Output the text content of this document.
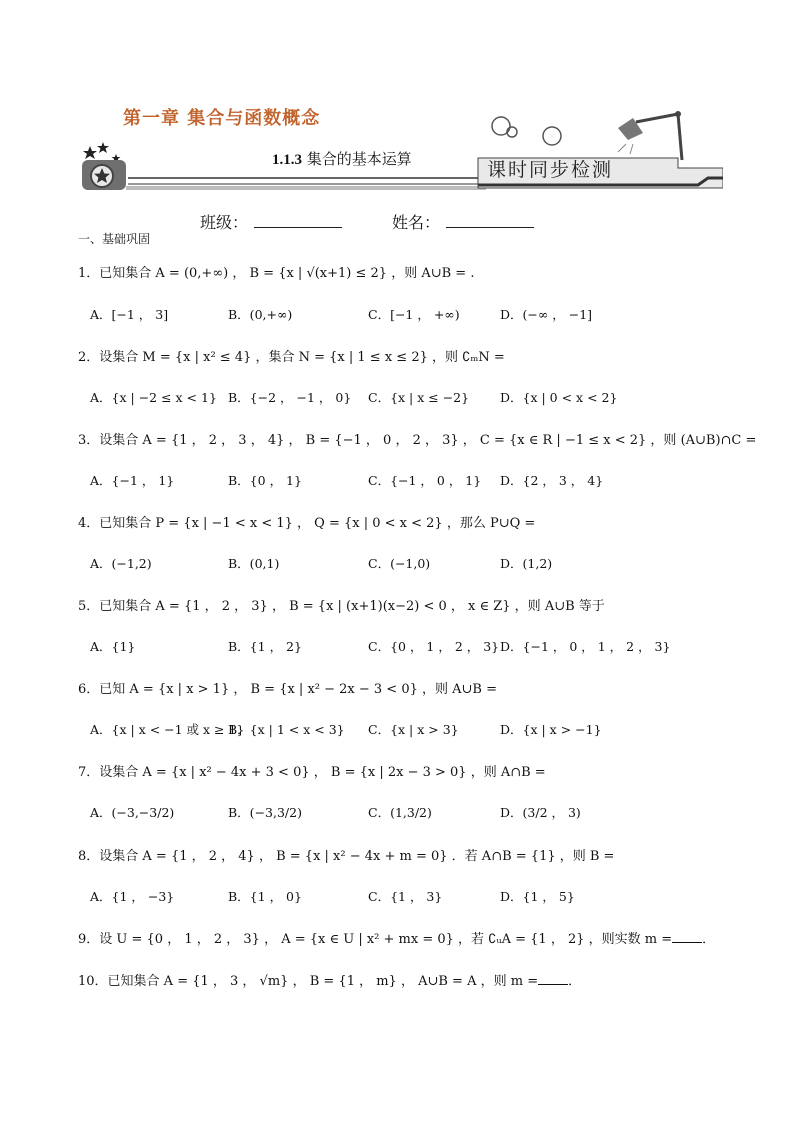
第一章 集合与函数概念
1.1.3 集合的基本运算	课时同步检测
班级：	姓名：
一、基础巩固
1．已知集合 A = (0,+∞) ， B = {x | √(x+1) ≤ 2} ，则 A∪B = .
A．[−1 ， 3]	B．(0,+∞)	C．[−1 ， +∞)	D．(−∞ ， −1]
2．设集合 M = {x | x² ≤ 4} ，集合 N = {x | 1 ≤ x ≤ 2} ，则 ∁ₘN =
A．{x | −2 ≤ x < 1} B．{−2 ， −1 ， 0} C．{x | x ≤ −2} D．{x | 0 < x < 2}
3．设集合 A = {1 ， 2 ， 3 ， 4} ， B = {−1 ， 0 ， 2 ， 3} ， C = {x ∈ R | −1 ≤ x < 2} ，则 (A∪B)∩C =
A．{−1 ， 1}	B．{0 ， 1}	C．{−1 ， 0 ， 1} D．{2 ， 3 ， 4}
4．已知集合 P = {x | −1 < x < 1} ， Q = {x | 0 < x < 2} ，那么 P∪Q =
A．(−1,2)	B．(0,1)	C．(−1,0)	D．(1,2)
5．已知集合 A = {1 ， 2 ， 3} ， B = {x | (x+1)(x−2) < 0 ， x ∈ Z} ，则 A∪B 等于
A．{1}	B．{1 ， 2}	C．{0 ， 1 ， 2 ， 3} D．{−1 ， 0 ， 1 ， 2 ， 3}
6．已知 A = {x | x > 1} ， B = {x | x² − 2x − 3 < 0} ，则 A∪B =
A．{x | x < −1 或 x ≥ 1}
B．{x | 1 < x < 3} C．{x | x > 3}	D．{x | x > −1}
7．设集合 A = {x | x² − 4x + 3 < 0} ， B = {x | 2x − 3 > 0} ，则 A∩B =
A．(−3,−3/2)	B．(−3,3/2)	C．(1,3/2)	D．(3/2 ， 3)
8．设集合 A = {1 ， 2 ， 4} ， B = {x | x² − 4x + m = 0} ．若 A∩B = {1} ，则 B =
A．{1 ， −3}	B．{1 ， 0}	C．{1 ， 3}	D．{1 ， 5}
9．设 U = {0 ， 1 ， 2 ， 3} ， A = {x ∈ U | x² + mx = 0} ，若 ∁ᵤA = {1 ， 2} ，则实数 m = ．
10．已知集合 A = {1 ， 3 ， √m} ， B = {1 ， m} ， A∪B = A ，则 m = ．
